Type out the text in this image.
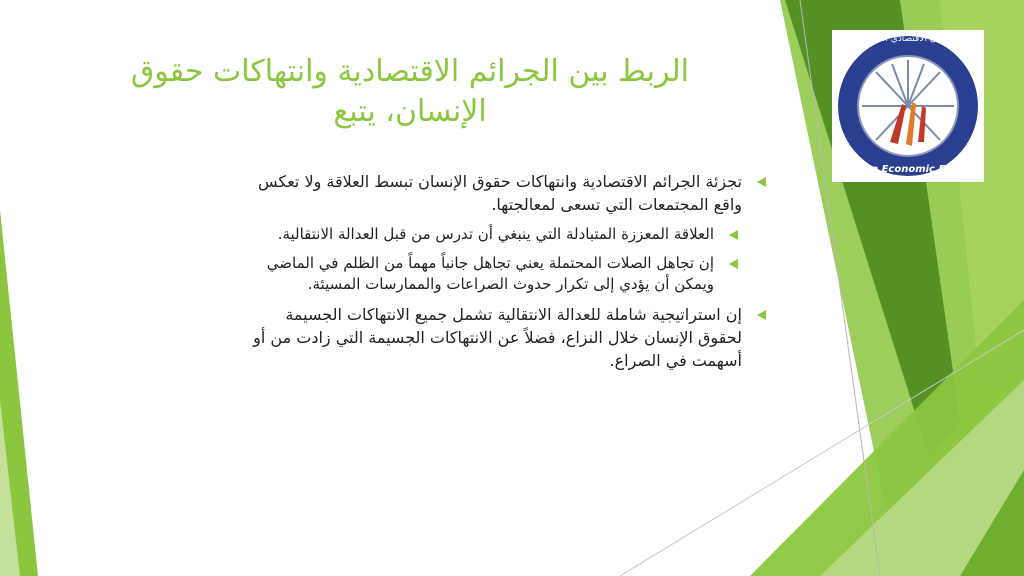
المنتدى الاقتصادي السوري
Syrian Economic Forum
الربط بين الجرائم الاقتصادية وانتهاكات حقوق
الإنسان، يتبع
تجزئة الجرائم الاقتصادية وانتهاكات حقوق الإنسان تبسط العلاقة ولا تعكس
واقع المجتمعات التي تسعى لمعالجتها.
العلاقة المعززة المتبادلة التي ينبغي أن تدرس من قبل العدالة الانتقالية.
إن تجاهل الصلات المحتملة يعني تجاهل جانباً مهماً من الظلم في الماضي
ويمكن أن يؤدي إلى تكرار حدوث الصراعات والممارسات المسيئة.
إن استراتيجية شاملة للعدالة الانتقالية تشمل جميع الانتهاكات الجسيمة
لحقوق الإنسان خلال النزاع، فضلاً عن الانتهاكات الجسيمة التي زادت من أو
أسهمت في الصراع.
